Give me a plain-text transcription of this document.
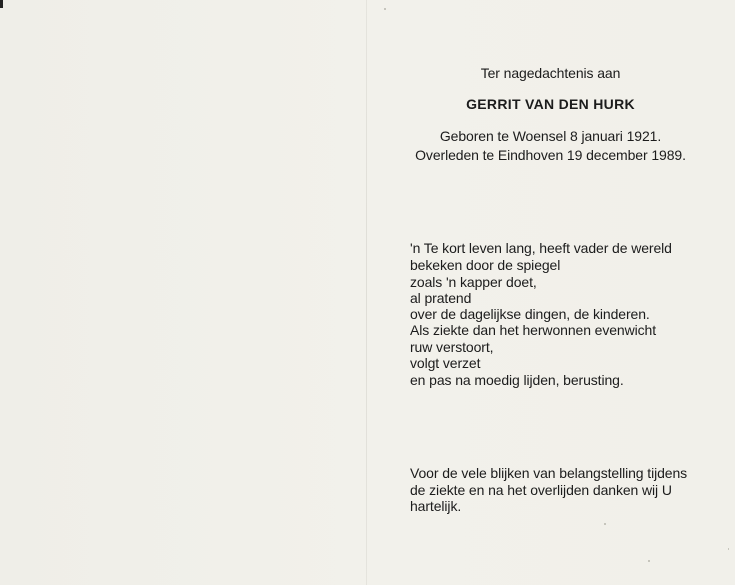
Ter nagedachtenis aan
GERRIT VAN DEN HURK
Geboren te Woensel 8 januari 1921.
Overleden te Eindhoven 19 december 1989.
'n Te kort leven lang, heeft vader de wereld
bekeken door de spiegel
zoals 'n kapper doet,
al pratend
over de dagelijkse dingen, de kinderen.
Als ziekte dan het herwonnen evenwicht
ruw verstoort,
volgt verzet
en pas na moedig lijden, berusting.
Voor de vele blijken van belangstelling tijdens
de ziekte en na het overlijden danken wij U
hartelijk.
